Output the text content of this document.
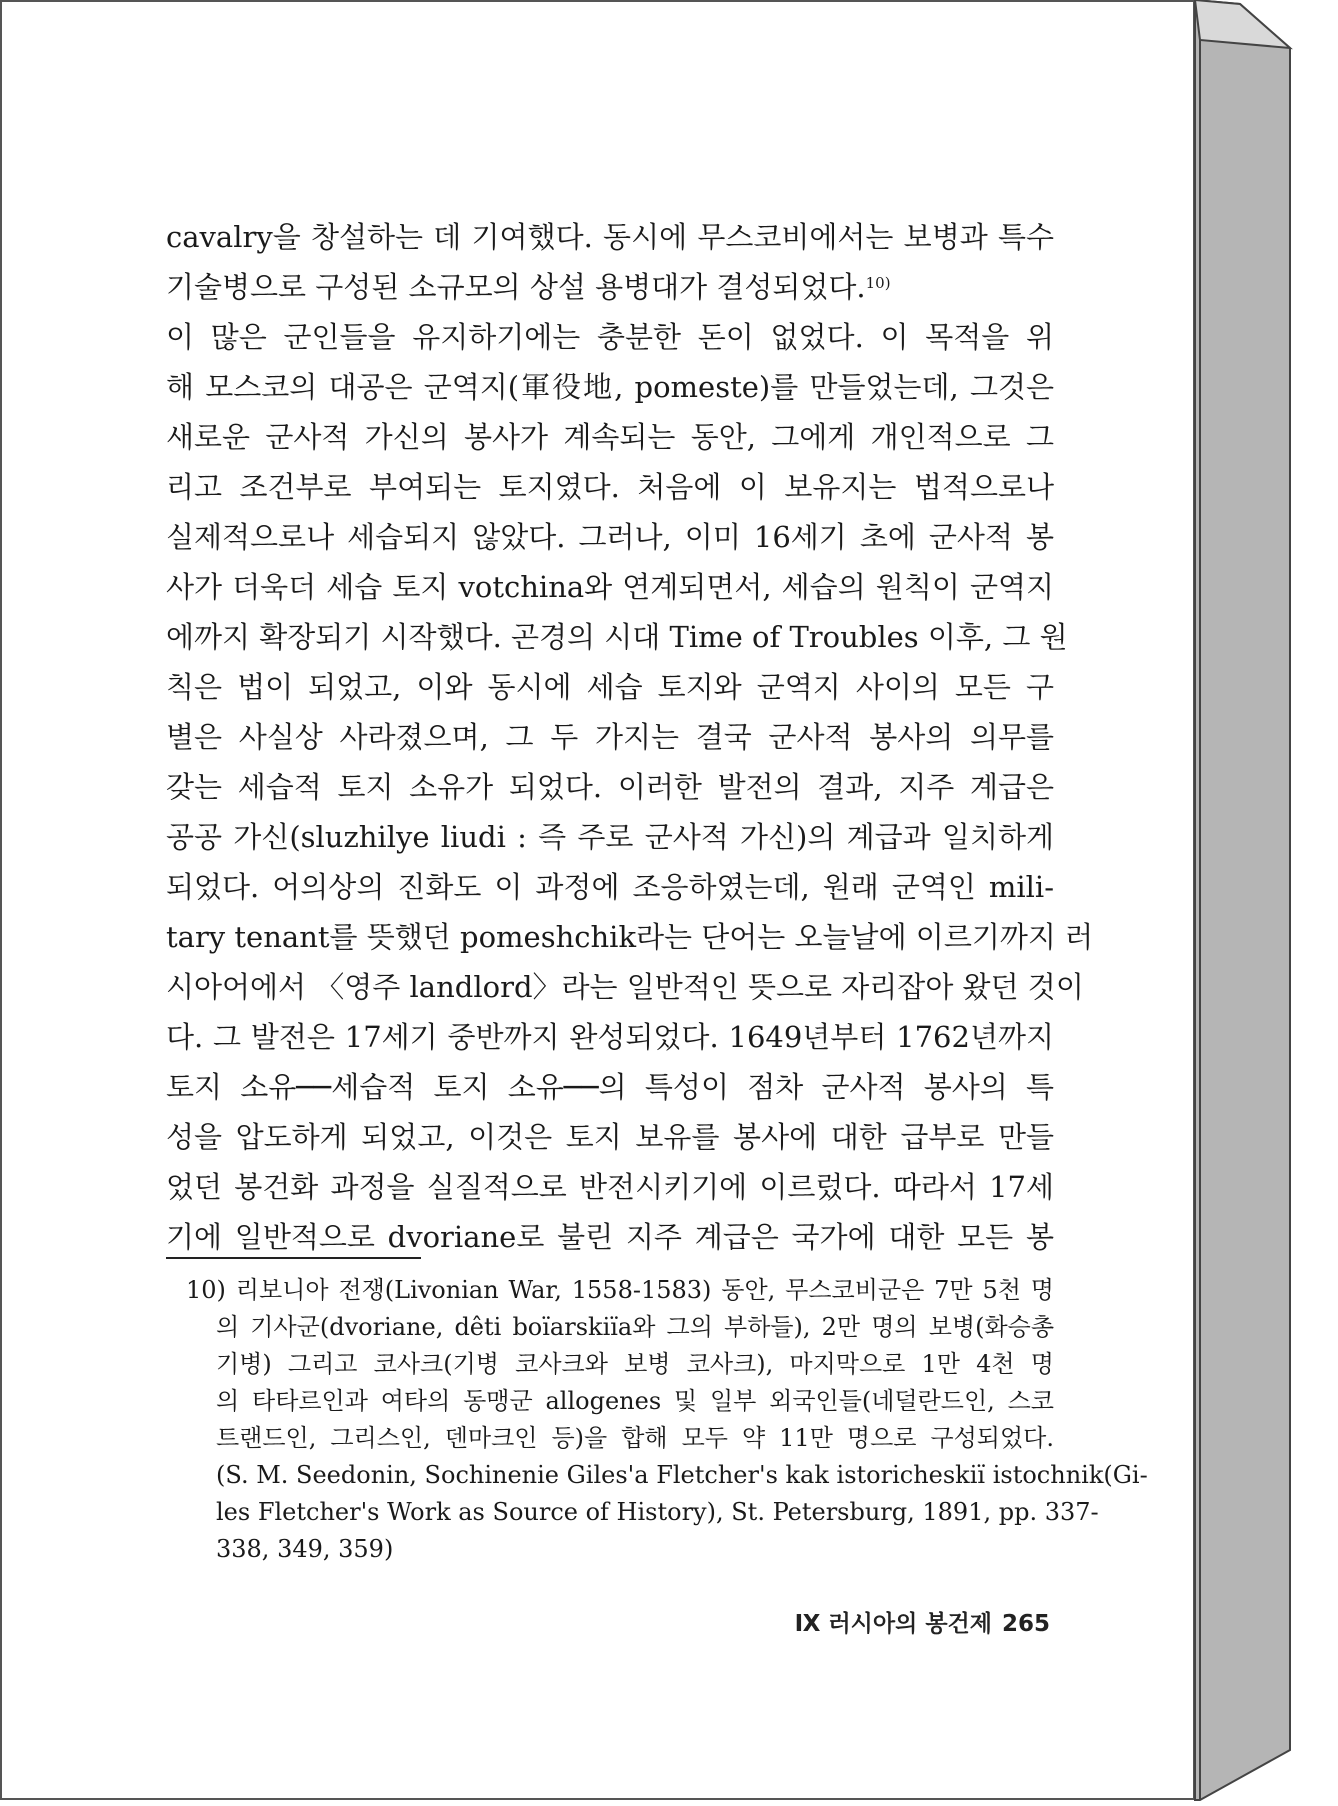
cavalry을 창설하는 데 기여했다. 동시에 무스코비에서는 보병과 특수
기술병으로 구성된 소규모의 상설 용병대가 결성되었다.$^{10)}$
이 많은 군인들을 유지하기에는 충분한 돈이 없었다. 이 목적을 위
해 모스코의 대공은 군역지(軍役地, pomeste)를 만들었는데, 그것은
새로운 군사적 가신의 봉사가 계속되는 동안, 그에게 개인적으로 그
리고 조건부로 부여되는 토지였다. 처음에 이 보유지는 법적으로나
실제적으로나 세습되지 않았다. 그러나, 이미 16세기 초에 군사적 봉
사가 더욱더 세습 토지 votchina와 연계되면서, 세습의 원칙이 군역지
에까지 확장되기 시작했다. 곤경의 시대 Time of Troubles 이후, 그 원
칙은 법이 되었고, 이와 동시에 세습 토지와 군역지 사이의 모든 구
별은 사실상 사라졌으며, 그 두 가지는 결국 군사적 봉사의 의무를
갖는 세습적 토지 소유가 되었다. 이러한 발전의 결과, 지주 계급은
공공 가신(sluzhilye liudi : 즉 주로 군사적 가신)의 계급과 일치하게
되었다. 어의상의 진화도 이 과정에 조응하였는데, 원래 군역인 mili-
tary tenant를 뜻했던 pomeshchik라는 단어는 오늘날에 이르기까지 러
시아어에서 〈영주 landlord〉라는 일반적인 뜻으로 자리잡아 왔던 것이
다. 그 발전은 17세기 중반까지 완성되었다. 1649년부터 1762년까지
토지 소유──세습적 토지 소유──의 특성이 점차 군사적 봉사의 특
성을 압도하게 되었고, 이것은 토지 보유를 봉사에 대한 급부로 만들
었던 봉건화 과정을 실질적으로 반전시키기에 이르렀다. 따라서 17세
기에 일반적으로 dvoriane로 불린 지주 계급은 국가에 대한 모든 봉
10) 리보니아 전쟁(Livonian War, 1558-1583) 동안, 무스코비군은 7만 5천 명
의 기사군(dvoriane, dêti boïarskiïa와 그의 부하들), 2만 명의 보병(화승총
기병) 그리고 코사크(기병 코사크와 보병 코사크), 마지막으로 1만 4천 명
의 타타르인과 여타의 동맹군 allogenes 및 일부 외국인들(네덜란드인, 스코
트랜드인, 그리스인, 덴마크인 등)을 합해 모두 약 11만 명으로 구성되었다.
(S. M. Seedonin, Sochinenie Giles'a Fletcher's kak istoricheskiï istochnik(Gi-
les Fletcher's Work as Source of History), St. Petersburg, 1891, pp. 337-
338, 349, 359)
Ⅸ 러시아의 봉건제 265
